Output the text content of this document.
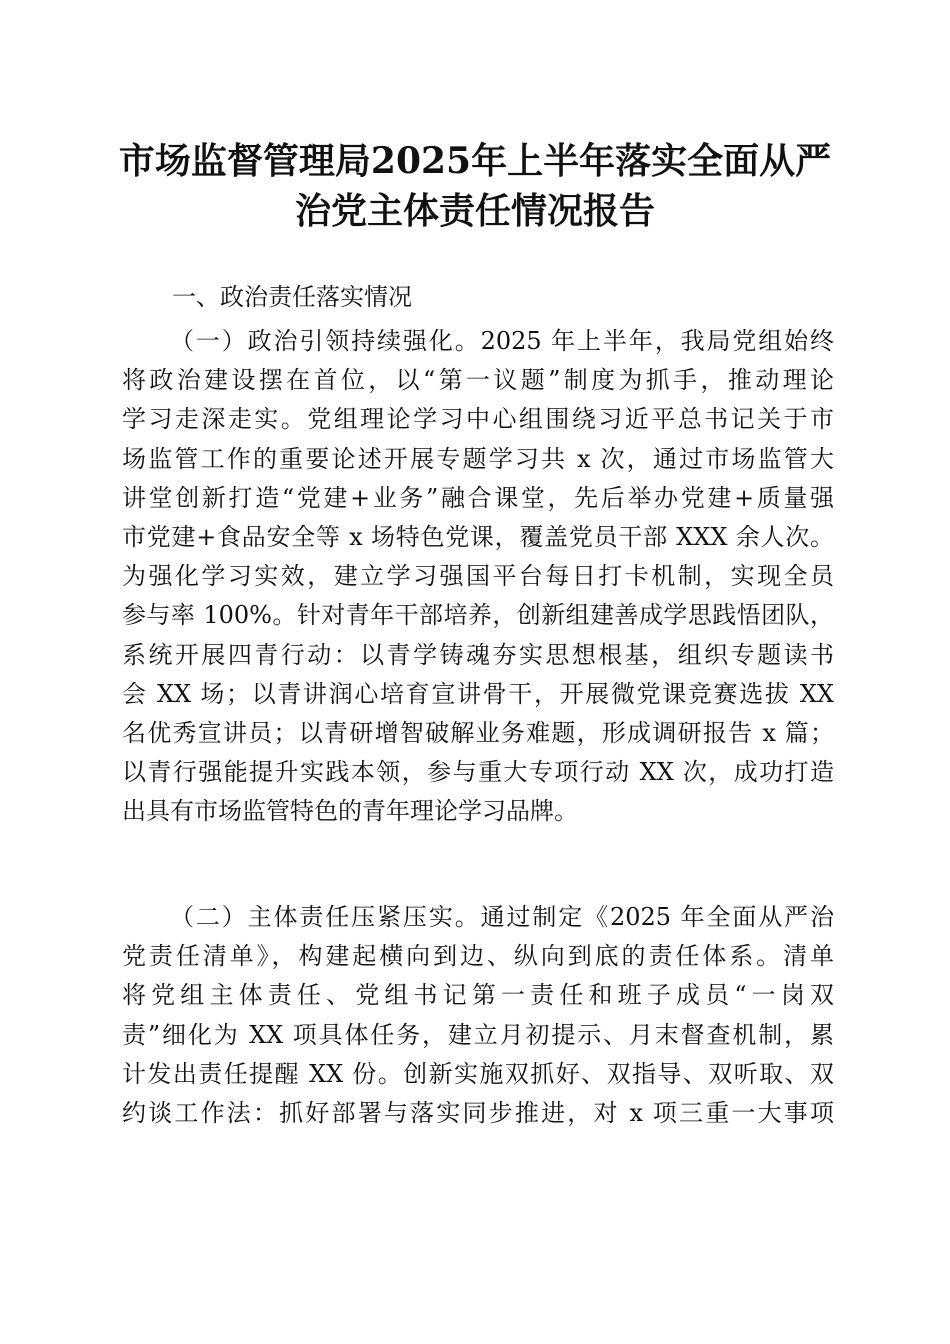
市场监督管理局2025年上半年落实全面从严
治党主体责任情况报告
一、政治责任落实情况
（一）政治引领持续强化。2025 年上半年，我局党组始终
将政治建设摆在首位，以“第一议题”制度为抓手，推动理论
学习走深走实。党组理论学习中心组围绕习近平总书记关于市
场监管工作的重要论述开展专题学习共 x 次，通过市场监管大
讲堂创新打造“党建+业务”融合课堂，先后举办党建+质量强
市党建+食品安全等 x 场特色党课，覆盖党员干部 XXX 余人次。
为强化学习实效，建立学习强国平台每日打卡机制，实现全员
参与率 100%。针对青年干部培养，创新组建善成学思践悟团队，
系统开展四青行动：以青学铸魂夯实思想根基，组织专题读书
会 XX 场；以青讲润心培育宣讲骨干，开展微党课竞赛选拔 XX
名优秀宣讲员；以青研增智破解业务难题，形成调研报告 x 篇；
以青行强能提升实践本领，参与重大专项行动 XX 次，成功打造
出具有市场监管特色的青年理论学习品牌。
（二）主体责任压紧压实。通过制定《2025 年全面从严治
党责任清单》，构建起横向到边、纵向到底的责任体系。清单
将党组主体责任、党组书记第一责任和班子成员“一岗双
责”细化为 XX 项具体任务，建立月初提示、月末督查机制，累
计发出责任提醒 XX 份。创新实施双抓好、双指导、双听取、双
约谈工作法：抓好部署与落实同步推进，对 x 项三重一大事项
